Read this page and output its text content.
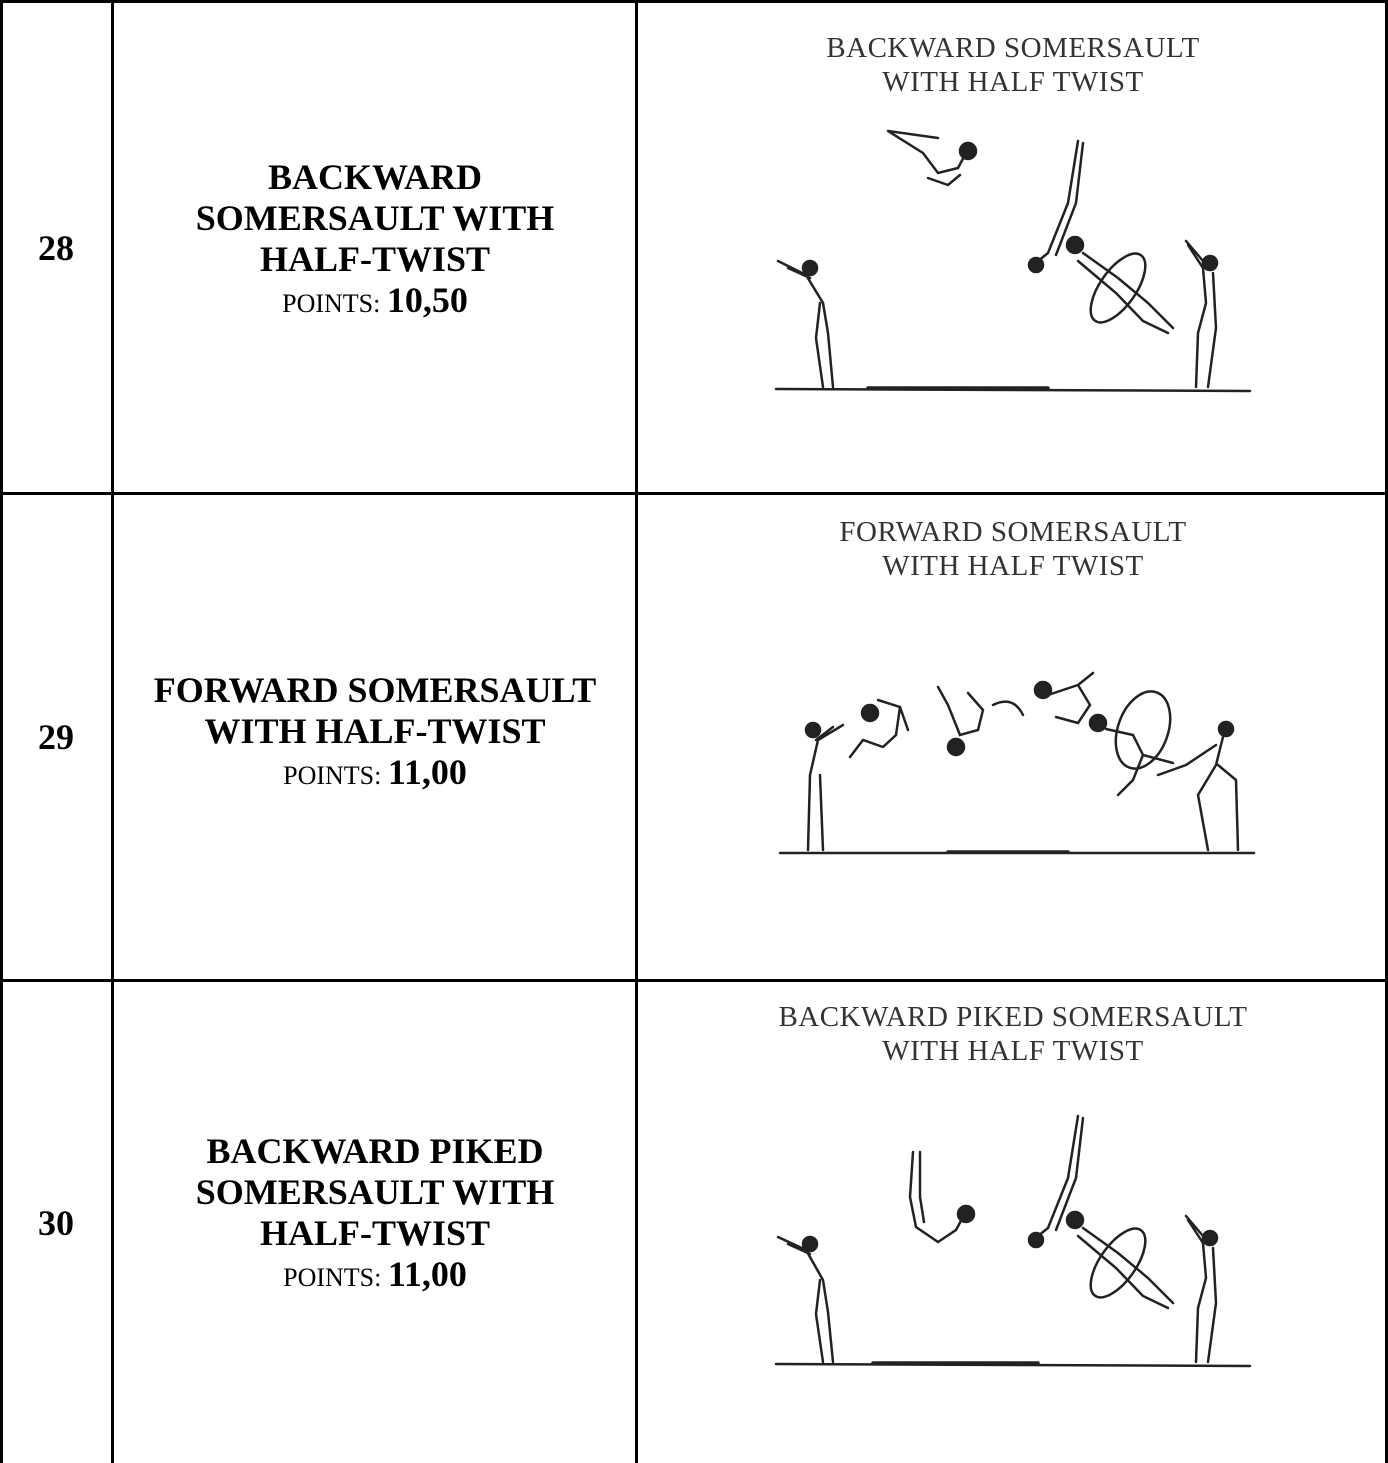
28
BACKWARD
SOMERSAULT WITH
HALF-TWIST
POINTS: 10,50
BACKWARD SOMERSAULT
WITH HALF TWIST
29
FORWARD SOMERSAULT
WITH HALF-TWIST
POINTS: 11,00
FORWARD SOMERSAULT
WITH HALF TWIST
30
BACKWARD PIKED
SOMERSAULT WITH
HALF-TWIST
POINTS: 11,00
BACKWARD PIKED SOMERSAULT
WITH HALF TWIST
